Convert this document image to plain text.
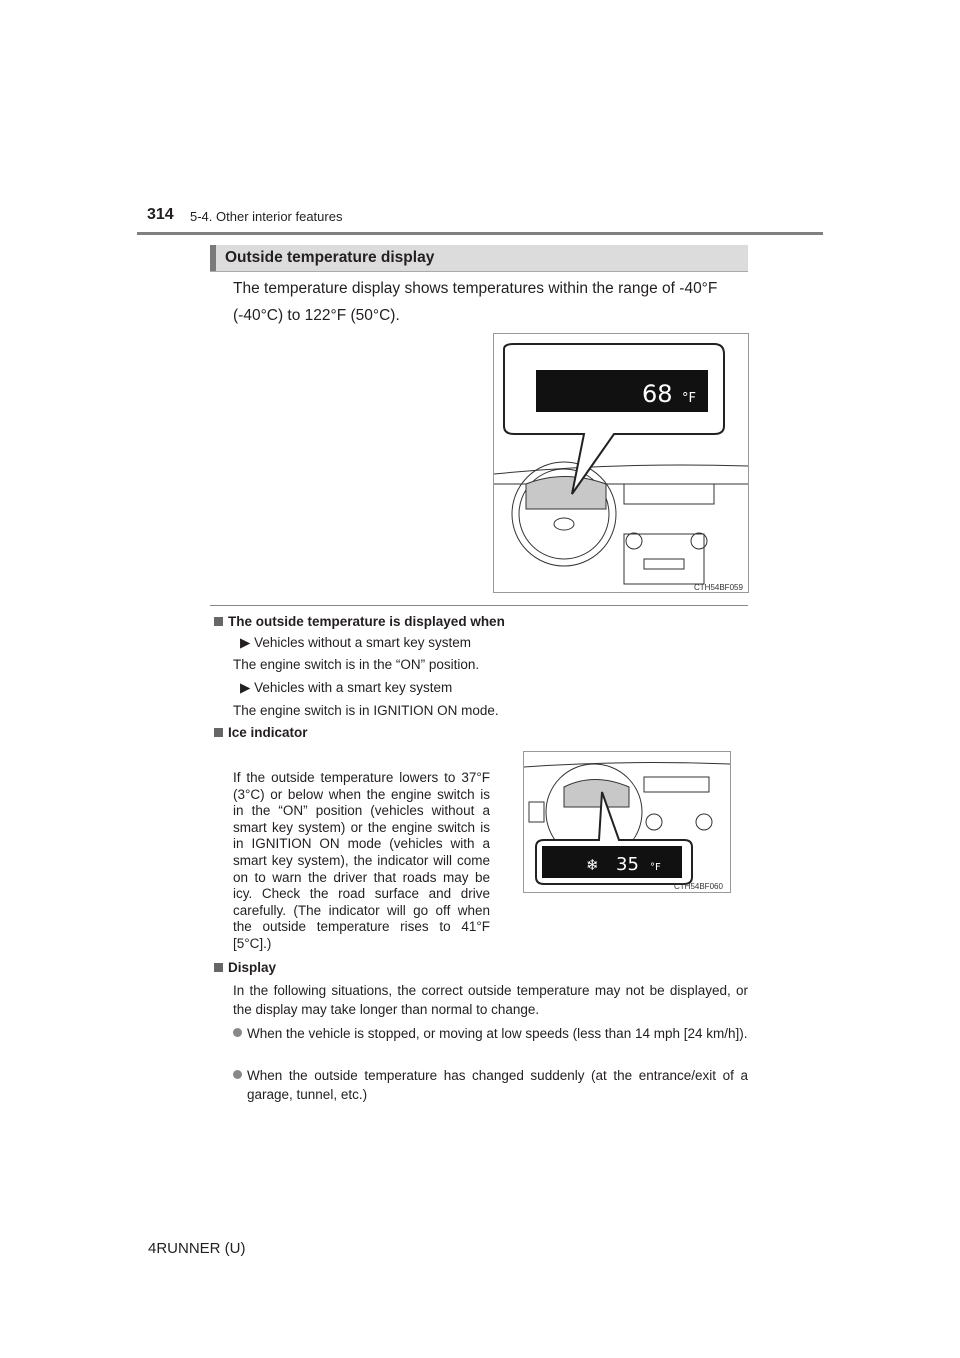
314 5-4. Other interior features
Outside temperature display
The temperature display shows temperatures within the range of -40°F (-40°C) to 122°F (50°C).
68 °F
CTH54BF059
The outside temperature is displayed when
▶ Vehicles without a smart key system
The engine switch is in the “ON” position.
▶ Vehicles with a smart key system
The engine switch is in IGNITION ON mode.
Ice indicator
If the outside temperature lowers to 37°F (3°C) or below when the engine switch is in the “ON” position (vehicles without a smart key system) or the engine switch is in IGNITION ON mode (vehicles with a smart key system), the indicator will come on to warn the driver that roads may be icy. Check the road surface and drive carefully. (The indicator will go off when the outside temperature rises to 41°F [5°C].)
❄ 35 °F
CTH54BF060
Display
In the following situations, the correct outside temperature may not be displayed, or the display may take longer than normal to change.
When the vehicle is stopped, or moving at low speeds (less than 14 mph [24 km/h]).
When the outside temperature has changed suddenly (at the entrance/exit of a garage, tunnel, etc.)
4RUNNER (U)
